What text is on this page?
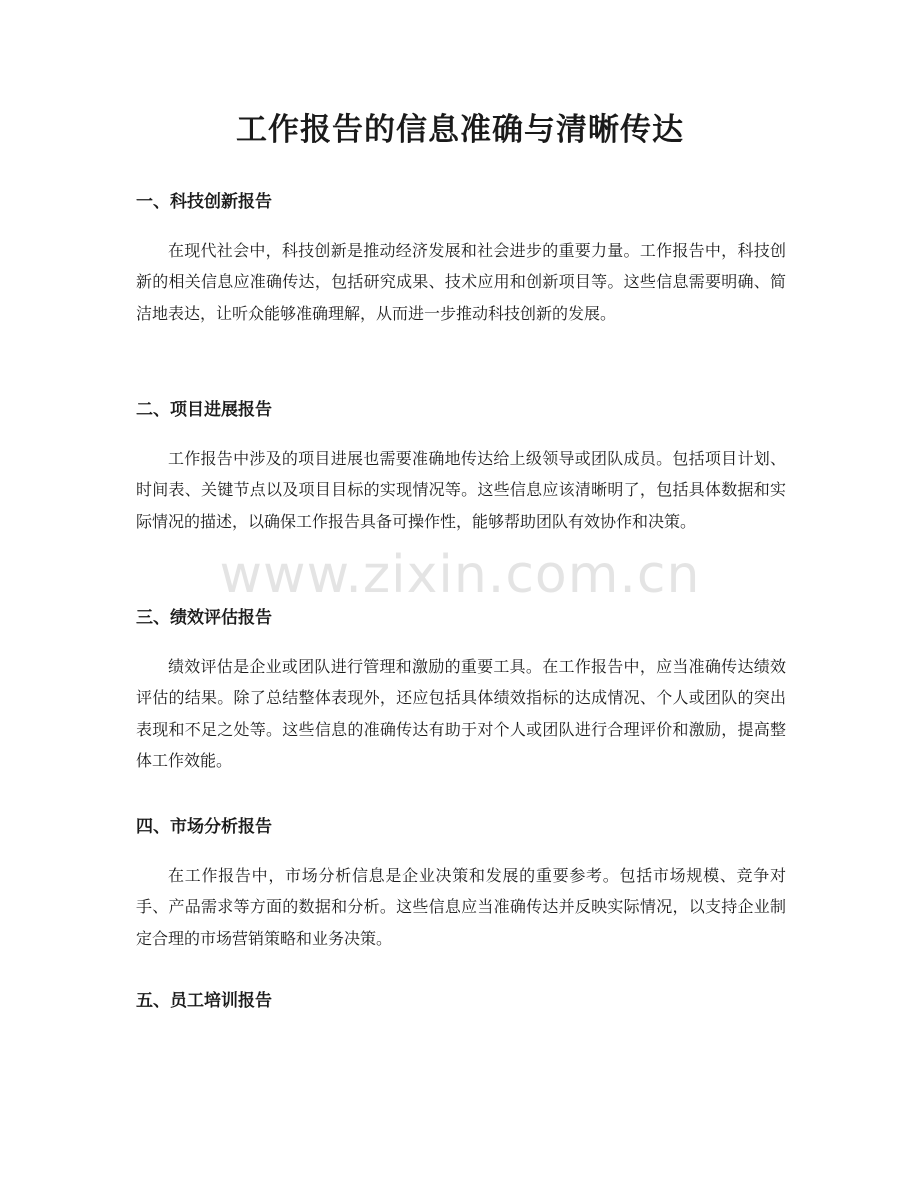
工作报告的信息准确与清晰传达
一、科技创新报告

在现代社会中，科技创新是推动经济发展和社会进步的重要力量。工作报告中，科技创新的相关信息应准确传达，包括研究成果、技术应用和创新项目等。这些信息需要明确、简洁地表达，让听众能够准确理解，从而进一步推动科技创新的发展。

二、项目进展报告

工作报告中涉及的项目进展也需要准确地传达给上级领导或团队成员。包括项目计划、时间表、关键节点以及项目目标的实现情况等。这些信息应该清晰明了，包括具体数据和实际情况的描述，以确保工作报告具备可操作性，能够帮助团队有效协作和决策。

三、绩效评估报告

绩效评估是企业或团队进行管理和激励的重要工具。在工作报告中，应当准确传达绩效评估的结果。除了总结整体表现外，还应包括具体绩效指标的达成情况、个人或团队的突出表现和不足之处等。这些信息的准确传达有助于对个人或团队进行合理评价和激励，提高整体工作效能。

四、市场分析报告

在工作报告中，市场分析信息是企业决策和发展的重要参考。包括市场规模、竞争对手、产品需求等方面的数据和分析。这些信息应当准确传达并反映实际情况，以支持企业制定合理的市场营销策略和业务决策。

五、员工培训报告
www.zixin.com.cn
